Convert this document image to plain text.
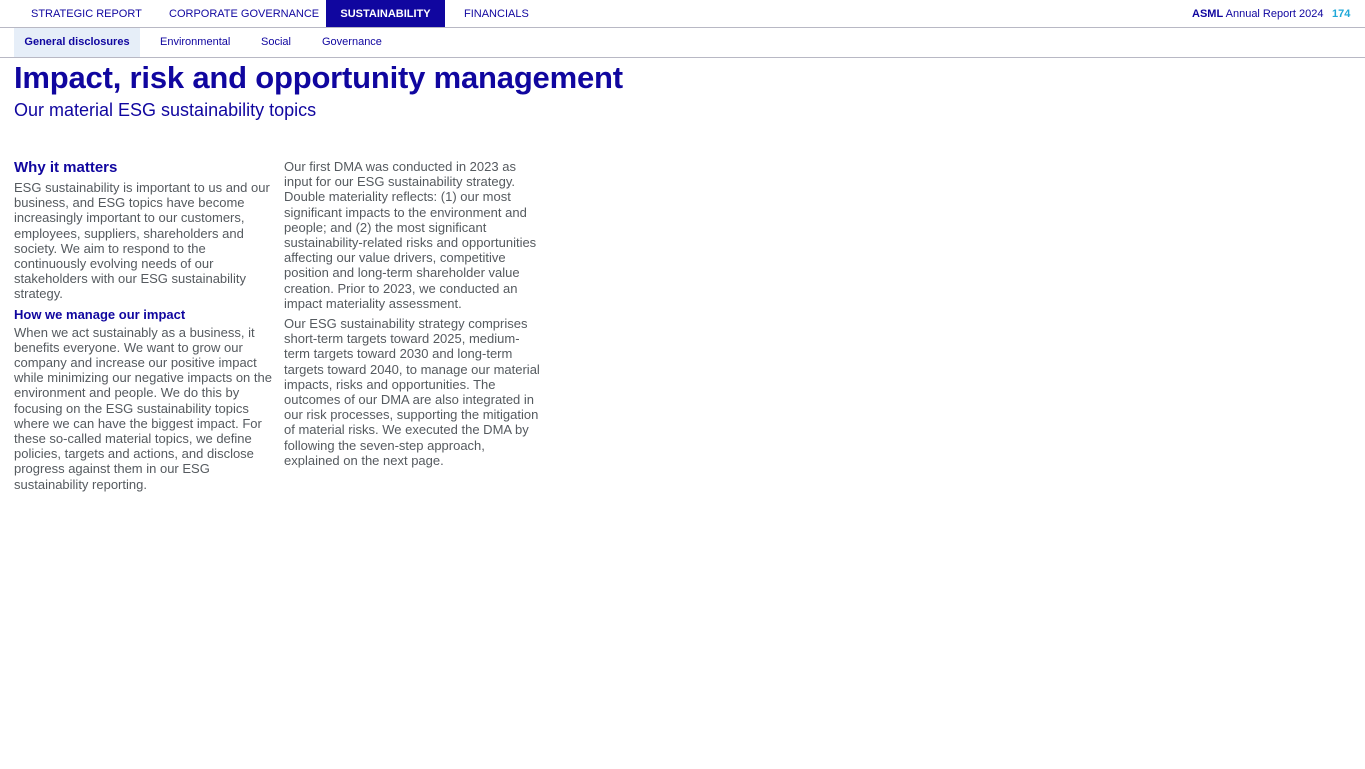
STRATEGIC REPORT CORPORATE GOVERNANCE	SUSTAINABILITY	FINANCIALS	ASML Annual Report 2024 174
General disclosures	Environmental	Social	Governance
Impact, risk and opportunity management
Our material ESG sustainability topics
Why it matters

ESG sustainability is important to us and our business, and ESG topics have become increasingly important to our customers, employees, suppliers, shareholders and society. We aim to respond to the continuously evolving needs of our stakeholders with our ESG sustainability strategy.

How we manage our impact

When we act sustainably as a business, it benefits everyone. We want to grow our company and increase our positive impact while minimizing our negative impacts on the environment and people. We do this by focusing on the ESG sustainability topics where we can have the biggest impact. For these so-called material topics, we define policies, targets and actions, and disclose progress against them in our ESG sustainability reporting.

Our first DMA was conducted in 2023 as input for our ESG sustainability strategy. Double materiality reflects: (1) our most significant impacts to the environment and people; and (2) the most significant sustainability-related risks and opportunities affecting our value drivers, competitive position and long-term shareholder value creation. Prior to 2023, we conducted an impact materiality assessment.

Our ESG sustainability strategy comprises short-term targets toward 2025, medium-term targets toward 2030 and long-term targets toward 2040, to manage our material impacts, risks and opportunities. The outcomes of our DMA are also integrated in our risk processes, supporting the mitigation of material risks. We executed the DMA by following the seven-step approach, explained on the next page.
